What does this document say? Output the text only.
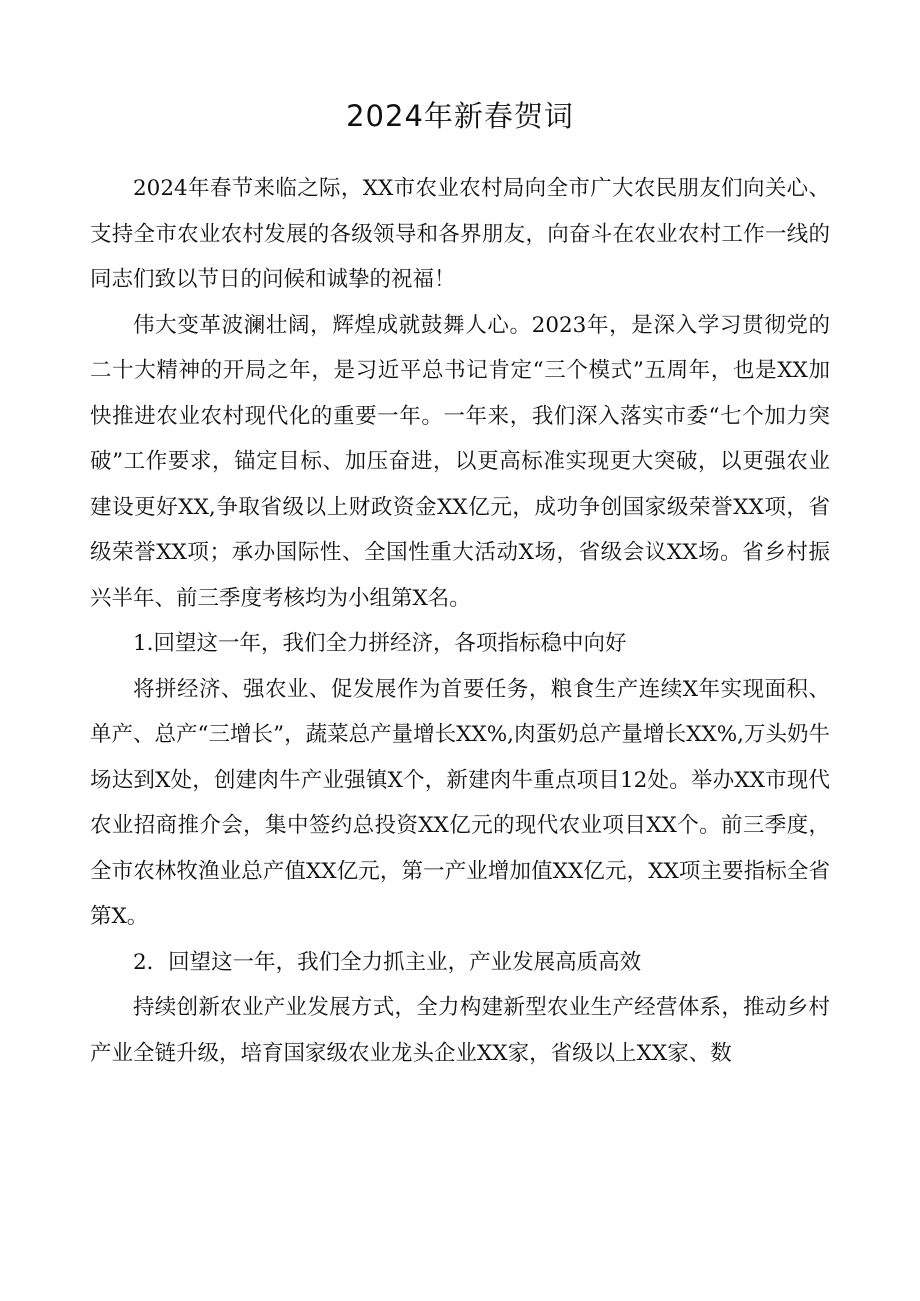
2024年新春贺词

2024年春节来临之际，XX市农业农村局向全市广大农民朋友们向关心、支持全市农业农村发展的各级领导和各界朋友，向奋斗在农业农村工作一线的同志们致以节日的问候和诚挚的祝福！

伟大变革波澜壮阔，辉煌成就鼓舞人心。2023年，是深入学习贯彻党的二十大精神的开局之年，是习近平总书记肯定“三个模式”五周年，也是XX加快推进农业农村现代化的重要一年。一年来，我们深入落实市委“七个加力突破”工作要求，锚定目标、加压奋进，以更高标准实现更大突破，以更强农业建设更好XX,争取省级以上财政资金XX亿元，成功争创国家级荣誉XX项，省级荣誉XX项；承办国际性、全国性重大活动X场，省级会议XX场。省乡村振兴半年、前三季度考核均为小组第X名。

1.回望这一年，我们全力拼经济，各项指标稳中向好

将拼经济、强农业、促发展作为首要任务，粮食生产连续X年实现面积、单产、总产“三增长”，蔬菜总产量增长XX%,肉蛋奶总产量增长XX%,万头奶牛场达到X处，创建肉牛产业强镇X个，新建肉牛重点项目12处。举办XX市现代农业招商推介会，集中签约总投资XX亿元的现代农业项目XX个。前三季度，全市农林牧渔业总产值XX亿元，第一产业增加值XX亿元，XX项主要指标全省第X。

2．回望这一年，我们全力抓主业，产业发展高质高效

持续创新农业产业发展方式，全力构建新型农业生产经营体系，推动乡村产业全链升级，培育国家级农业龙头企业XX家，省级以上XX家、数
